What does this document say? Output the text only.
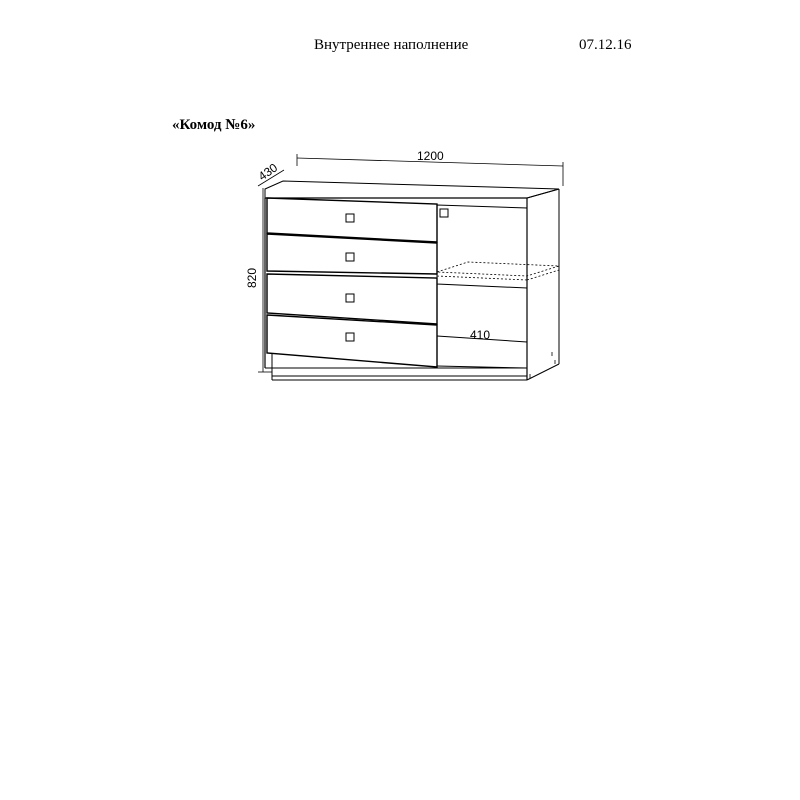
Внутреннее наполнение	07.12.16
«Комод №6»
1200
430
820
410
